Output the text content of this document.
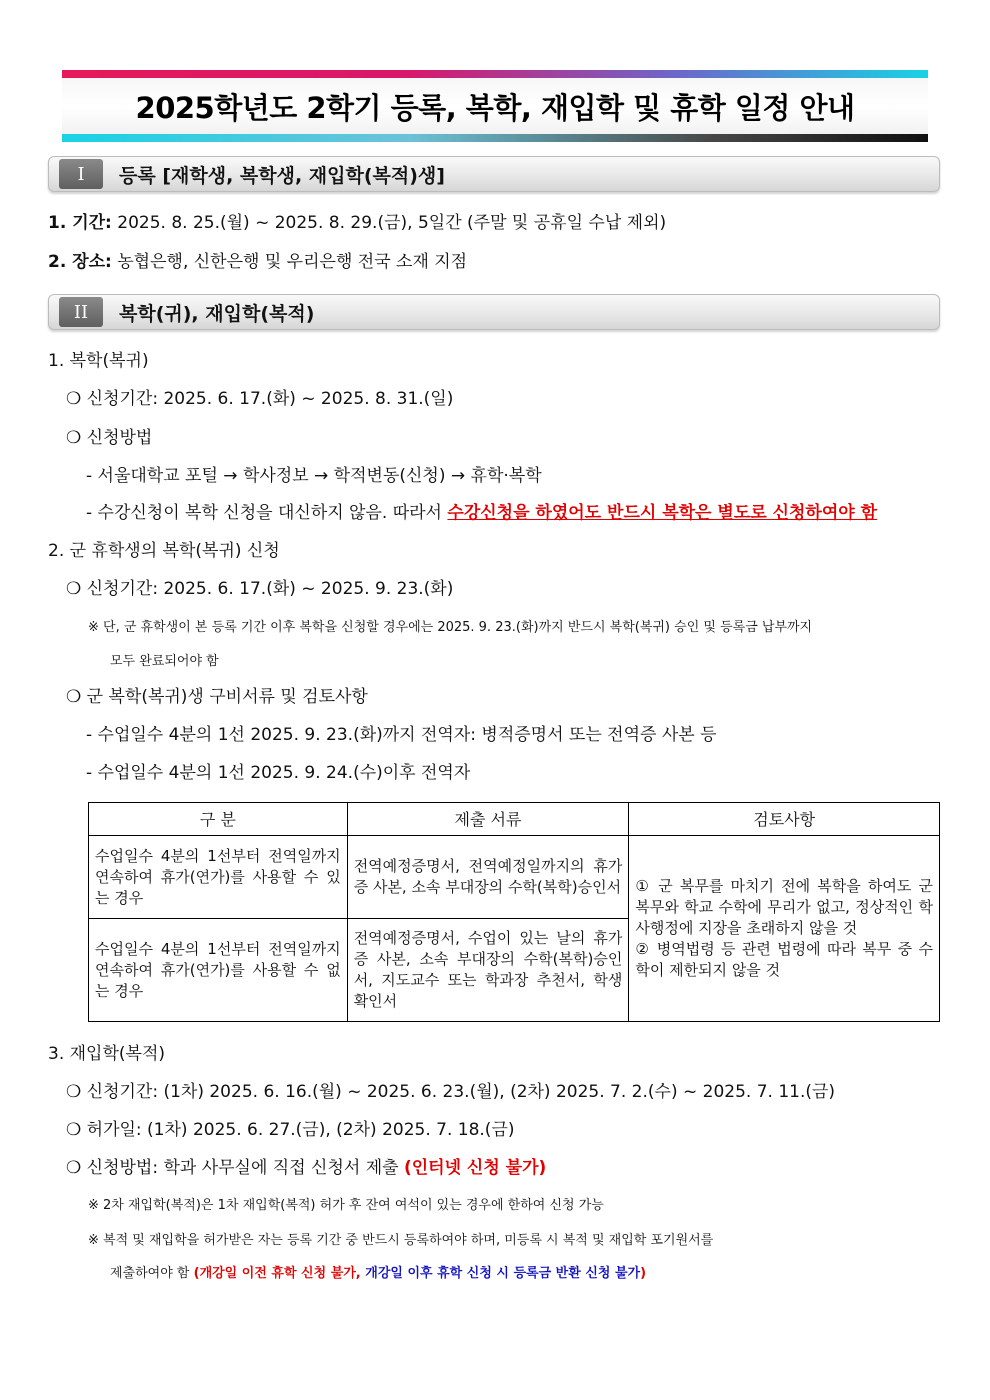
2025학년도 2학기 등록, 복학, 재입학 및 휴학 일정 안내
I	등록 [재학생, 복학생, 재입학(복적)생]
1. 기간: 2025. 8. 25.(월) ~ 2025. 8. 29.(금), 5일간 (주말 및 공휴일 수납 제외)
2. 장소: 농협은행, 신한은행 및 우리은행 전국 소재 지점
II	복학(귀), 재입학(복적)
1. 복학(복귀)
❍ 신청기간: 2025. 6. 17.(화) ~ 2025. 8. 31.(일)
❍ 신청방법
- 서울대학교 포털 → 학사정보 → 학적변동(신청) → 휴학·복학
- 수강신청이 복학 신청을 대신하지 않음. 따라서 수강신청을 하였어도 반드시 복학은 별도로 신청하여야 함
2. 군 휴학생의 복학(복귀) 신청
❍ 신청기간: 2025. 6. 17.(화) ~ 2025. 9. 23.(화)
※ 단, 군 휴학생이 본 등록 기간 이후 복학을 신청할 경우에는 2025. 9. 23.(화)까지 반드시 복학(복귀) 승인 및 등록금 납부까지
모두 완료되어야 함
❍ 군 복학(복귀)생 구비서류 및 검토사항
- 수업일수 4분의 1선 2025. 9. 23.(화)까지 전역자: 병적증명서 또는 전역증 사본 등
- 수업일수 4분의 1선 2025. 9. 24.(수)이후 전역자
구 분	제출 서류	검토사항
수업일수 4분의 1선부터 전역일까지 연속하여 휴가(연가)를 사용할 수 있는 경우	전역예정증명서, 전역예정일까지의 휴가증 사본, 소속 부대장의 수학(복학)승인서	① 군 복무를 마치기 전에 복학을 하여도 군 복무와 학교 수학에 무리가 없고, 정상적인 학사행정에 지장을 초래하지 않을 것
② 병역법령 등 관련 법령에 따라 복무 중 수학이 제한되지 않을 것

수업일수 4분의 1선부터 전역일까지 연속하여 휴가(연가)를 사용할 수 없는 경우	전역예정증명서, 수업이 있는 날의 휴가증 사본, 소속 부대장의 수학(복학)승인서, 지도교수 또는 학과장 추천서, 학생 확인서	
3. 재입학(복적)
❍ 신청기간: (1차) 2025. 6. 16.(월) ~ 2025. 6. 23.(월), (2차) 2025. 7. 2.(수) ~ 2025. 7. 11.(금)
❍ 허가일: (1차) 2025. 6. 27.(금), (2차) 2025. 7. 18.(금)
❍ 신청방법: 학과 사무실에 직접 신청서 제출 (인터넷 신청 불가)
※ 2차 재입학(복적)은 1차 재입학(복적) 허가 후 잔여 여석이 있는 경우에 한하여 신청 가능
※ 복적 및 재입학을 허가받은 자는 등록 기간 중 반드시 등록하여야 하며, 미등록 시 복적 및 재입학 포기원서를
제출하여야 함 (개강일 이전 휴학 신청 불가, 개강일 이후 휴학 신청 시 등록금 반환 신청 불가)
